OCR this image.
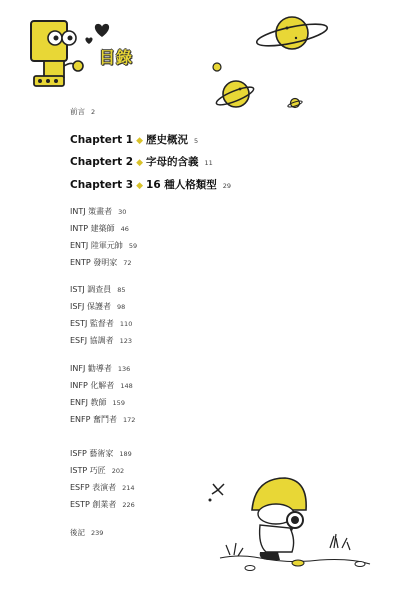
目錄
前言 2
Chaptert 1 ◆ 歷史概況 5
Chaptert 2 ◆ 字母的含義 11
Chaptert 3 ◆ 16 種人格類型 29
INTJ 策畫者 30
INTP 建築師 46
ENTJ 陸軍元帥 59
ENTP 發明家 72
ISTJ 調查員 85
ISFJ 保護者 98
ESTJ 監督者 110
ESFJ 協調者 123
INFJ 勸導者 136
INFP 化解者 148
ENFJ 教師 159
ENFP 奮鬥者 172
ISFP 藝術家 189
ISTP 巧匠 202
ESFP 表演者 214
ESTP 創業者 226
後記 239
